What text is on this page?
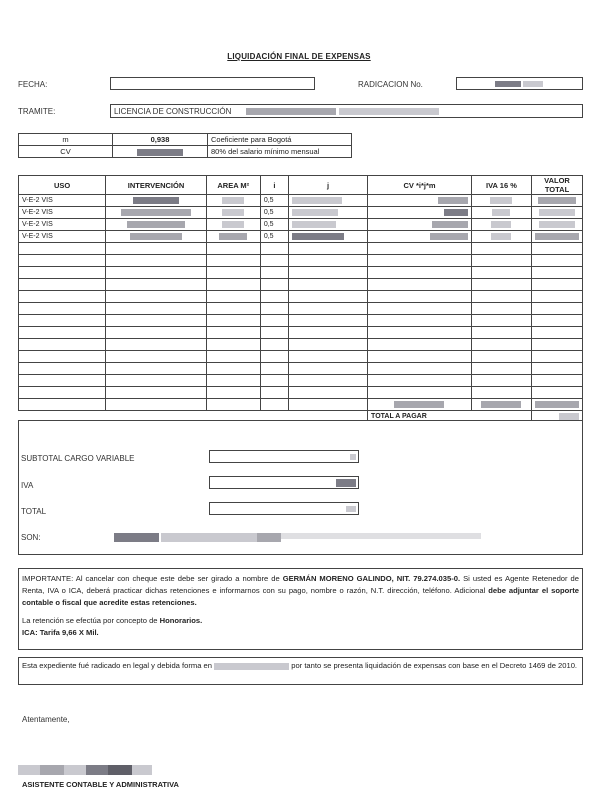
LIQUIDACIÓN FINAL DE EXPENSAS
FECHA:	RADICACION No.
TRAMITE:	LICENCIA DE CONSTRUCCIÓN
m	0,938	Coeficiente para Bogotá
CV		80% del salario mínimo mensual
USO	INTERVENCIÓN	AREA M²	i	j	CV *i*j*m	IVA 16 %	VALOR TOTAL
V-E-2 VIS			0,5				
V-E-2 VIS			0,5				
V-E-2 VIS			0,5				
V-E-2 VIS			0,5				

					TOTAL A PAGAR		
SUBTOTAL CARGO VARIABLE
IVA
TOTAL
SON:

IMPORTANTE: Al cancelar con cheque este debe ser girado a nombre de GERMÁN MORENO GALINDO, NIT. 79.274.035-0. Si usted es Agente Retenedor de Renta, IVA o ICA, deberá practicar dichas retenciones e informarnos con su pago, nombre o razón, N.T. dirección, teléfono. Adicional debe adjuntar el soporte contable o fiscal que acredite estas retenciones.

La retención se efectúa por concepto de Honorarios.

ICA: Tarifa 9,66 X Mil.

Esta expediente fué radicado en legal y debida forma en	por tanto se presenta liquidación de expensas con base en el Decreto 1469 de 2010.

Atentamente,
ASISTENTE CONTABLE Y ADMINISTRATIVA
